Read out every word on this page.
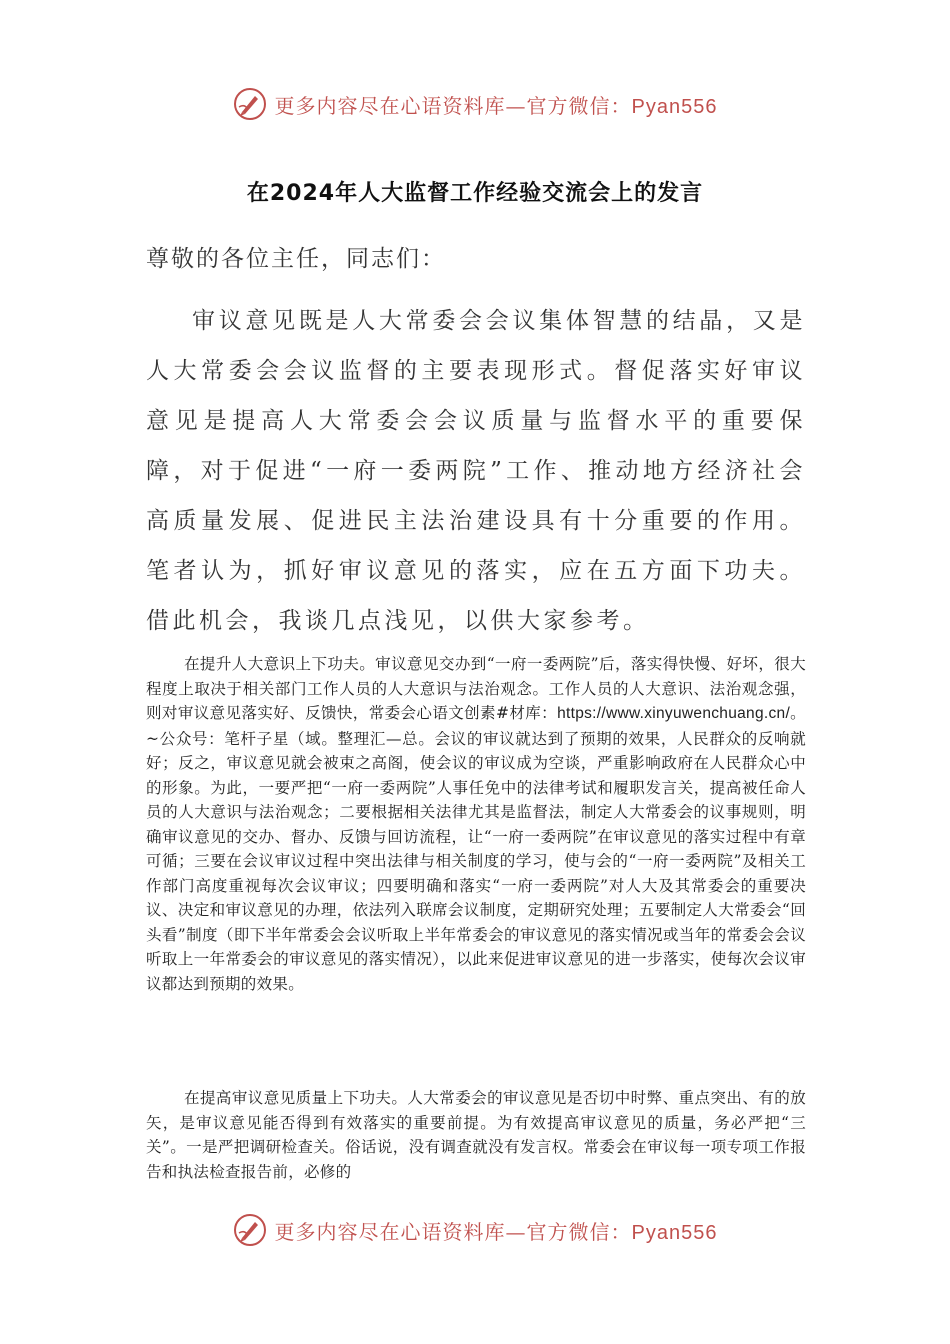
更多内容尽在心语资料库—官方微信：Pyan556
在2024年人大监督工作经验交流会上的发言
尊敬的各位主任，同志们：

审议意见既是人大常委会会议集体智慧的结晶，又是人大常委会会议监督的主要表现形式。督促落实好审议意见是提高人大常委会会议质量与监督水平的重要保障，对于促进“一府一委两院”工作、推动地方经济社会高质量发展、促进民主法治建设具有十分重要的作用。笔者认为，抓好审议意见的落实，应在五方面下功夫。借此机会，我谈几点浅见，以供大家参考。

在提升人大意识上下功夫。审议意见交办到“一府一委两院”后，落实得快慢、好坏，很大程度上取决于相关部门工作人员的人大意识与法治观念。工作人员的人大意识、法治观念强，则对审议意见落实好、反馈快，常委会心语文创素#材库：https://www.xinyuwenchuang.cn/。~公众号：笔杆子星（域。整理汇—总。会议的审议就达到了预期的效果，人民群众的反响就好；反之，审议意见就会被束之高阁，使会议的审议成为空谈，严重影响政府在人民群众心中的形象。为此，一要严把“一府一委两院”人事任免中的法律考试和履职发言关，提高被任命人员的人大意识与法治观念；二要根据相关法律尤其是监督法，制定人大常委会的议事规则，明确审议意见的交办、督办、反馈与回访流程，让“一府一委两院”在审议意见的落实过程中有章可循；三要在会议审议过程中突出法律与相关制度的学习，使与会的“一府一委两院”及相关工作部门高度重视每次会议审议；四要明确和落实“一府一委两院”对人大及其常委会的重要决议、决定和审议意见的办理，依法列入联席会议制度，定期研究处理；五要制定人大常委会“回头看”制度（即下半年常委会会议听取上半年常委会的审议意见的落实情况或当年的常委会会议听取上一年常委会的审议意见的落实情况），以此来促进审议意见的进一步落实，使每次会议审议都达到预期的效果。

在提高审议意见质量上下功夫。人大常委会的审议意见是否切中时弊、重点突出、有的放矢，是审议意见能否得到有效落实的重要前提。为有效提高审议意见的质量，务必严把“三关”。一是严把调研检查关。俗话说，没有调查就没有发言权。常委会在审议每一项专项工作报告和执法检查报告前，必修的

更多内容尽在心语资料库—官方微信：Pyan556
